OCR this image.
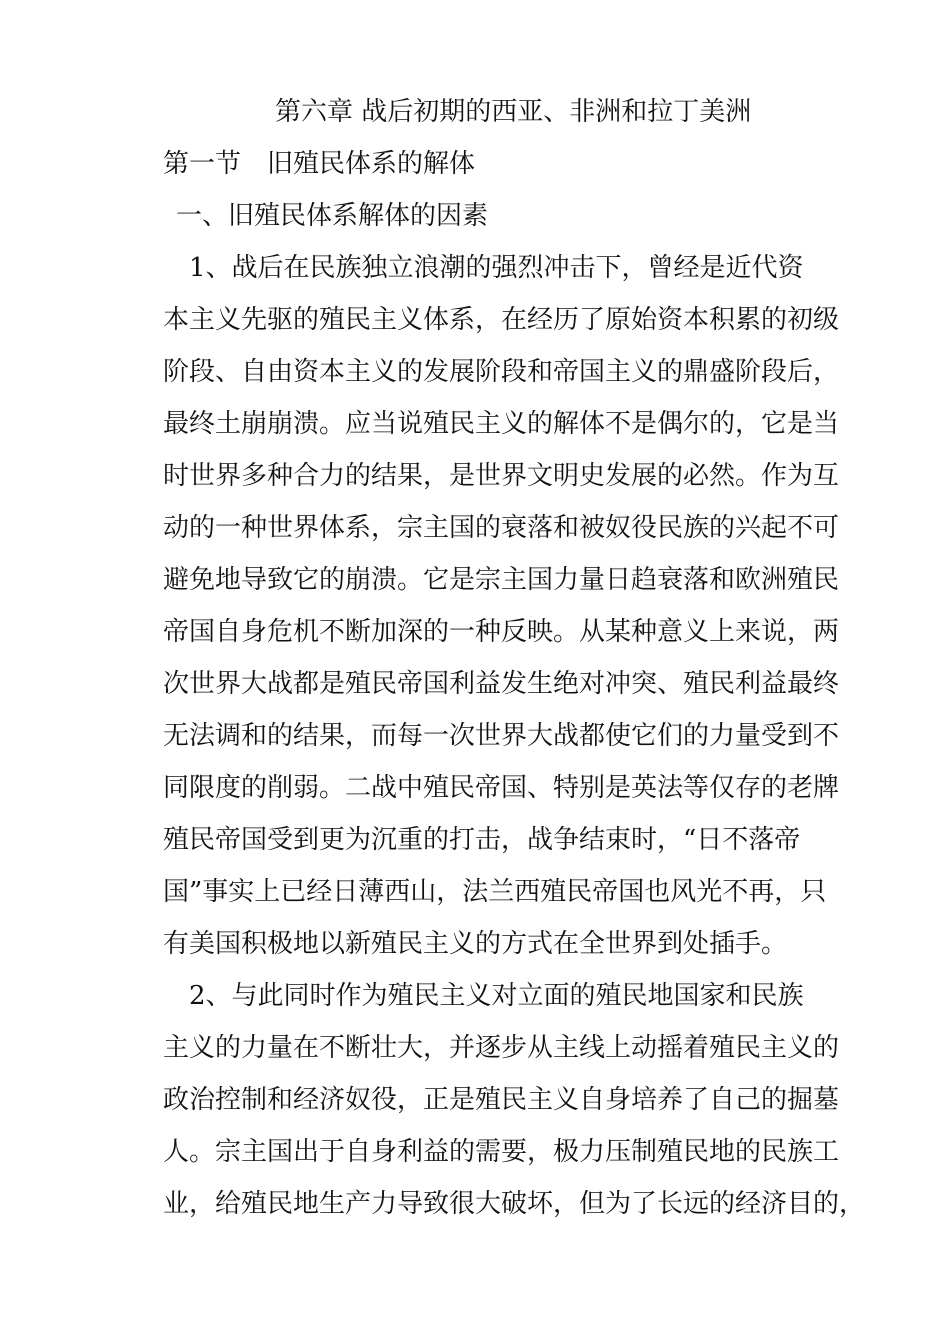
第六章 战后初期的西亚、非洲和拉丁美洲

第一节　旧殖民体系的解体

一、旧殖民体系解体的因素

　1、战后在民族独立浪潮的强烈冲击下，曾经是近代资

本主义先驱的殖民主义体系，在经历了原始资本积累的初级

阶段、自由资本主义的发展阶段和帝国主义的鼎盛阶段后，

最终土崩崩溃。应当说殖民主义的解体不是偶尔的，它是当

时世界多种合力的结果，是世界文明史发展的必然。作为互

动的一种世界体系，宗主国的衰落和被奴役民族的兴起不可

避免地导致它的崩溃。它是宗主国力量日趋衰落和欧洲殖民

帝国自身危机不断加深的一种反映。从某种意义上来说，两

次世界大战都是殖民帝国利益发生绝对冲突、殖民利益最终

无法调和的结果，而每一次世界大战都使它们的力量受到不

同限度的削弱。二战中殖民帝国、特别是英法等仅存的老牌

殖民帝国受到更为沉重的打击，战争结束时，“日不落帝

国”事实上已经日薄西山，法兰西殖民帝国也风光不再，只

有美国积极地以新殖民主义的方式在全世界到处插手。

　2、与此同时作为殖民主义对立面的殖民地国家和民族

主义的力量在不断壮大，并逐步从主线上动摇着殖民主义的

政治控制和经济奴役，正是殖民主义自身培养了自己的掘墓

人。宗主国出于自身利益的需要，极力压制殖民地的民族工

业，给殖民地生产力导致很大破坏，但为了长远的经济目的，
